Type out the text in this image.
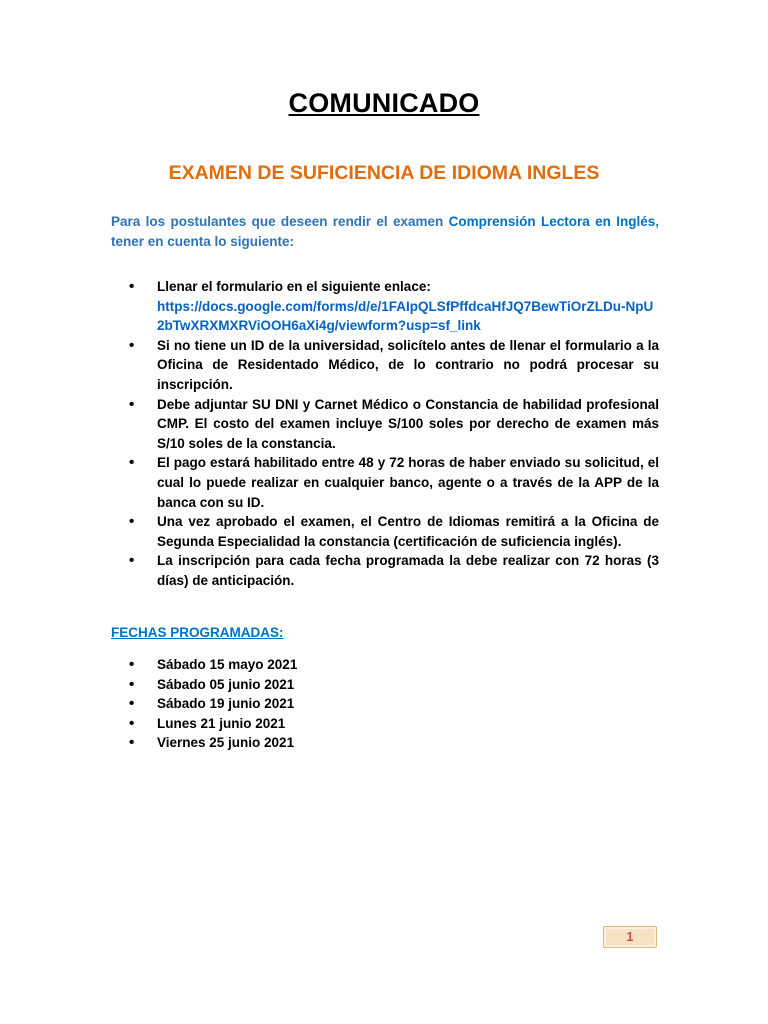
COMUNICADO
EXAMEN DE SUFICIENCIA DE IDIOMA INGLES

Para los postulantes que deseen rendir el examen Comprensión Lectora en Inglés, tener en cuenta lo siguiente:

• Llenar el formulario en el siguiente enlace:
https://docs.google.com/forms/d/e/1FAIpQLSfPffdcaHfJQ7BewTiOrZLDu-NpU2bTwXRXMXRViOOH6aXi4g/viewform?usp=sf_link
• Si no tiene un ID de la universidad, solicítelo antes de llenar el formulario a la Oficina de Residentado Médico, de lo contrario no podrá procesar su inscripción.
• Debe adjuntar SU DNI y Carnet Médico o Constancia de habilidad profesional CMP. El costo del examen incluye S/100 soles por derecho de examen más S/10 soles de la constancia.
• El pago estará habilitado entre 48 y 72 horas de haber enviado su solicitud, el cual lo puede realizar en cualquier banco, agente o a través de la APP de la banca con su ID.
• Una vez aprobado el examen, el Centro de Idiomas remitirá a la Oficina de Segunda Especialidad la constancia (certificación de suficiencia inglés).
• La inscripción para cada fecha programada la debe realizar con 72 horas (3 días) de anticipación.
FECHAS PROGRAMADAS:
• Sábado 15 mayo 2021
• Sábado 05 junio 2021
• Sábado 19 junio 2021
• Lunes 21 junio 2021
• Viernes 25 junio 2021
1
